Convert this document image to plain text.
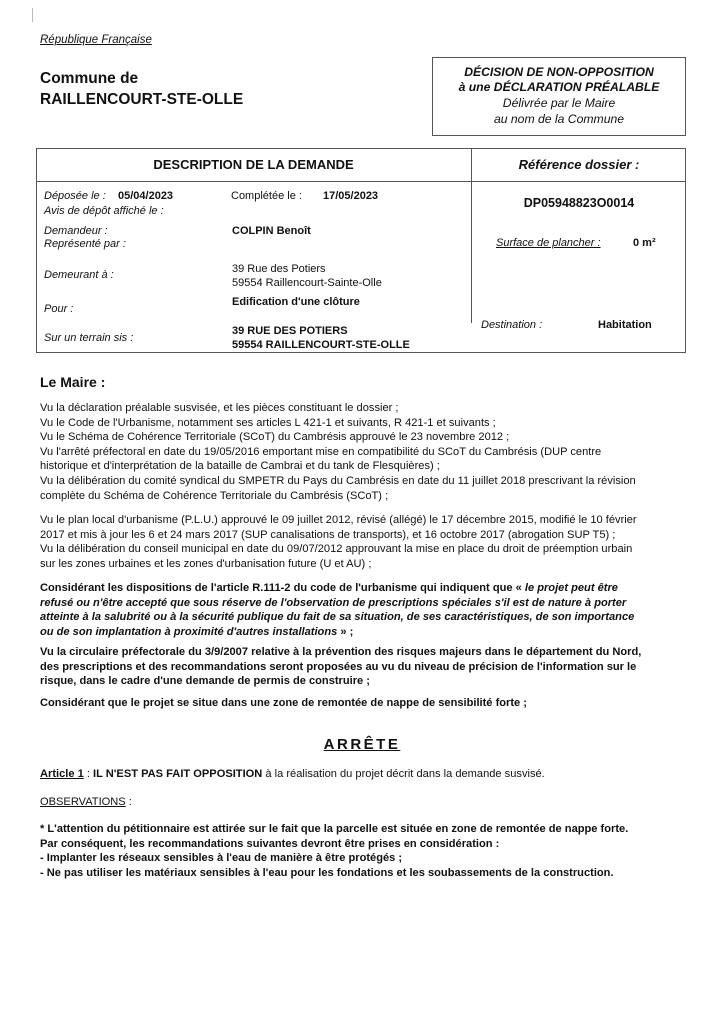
République Française
Commune de
RAILLENCOURT-STE-OLLE
DÉCISION DE NON-OPPOSITION
à une DÉCLARATION PRÉALABLE
Délivrée par le Maire
au nom de la Commune
DESCRIPTION DE LA DEMANDE	Référence dossier :
DP05948823O0014
Déposée le : 05/04/2023	Complétée le : 17/05/2023
Avis de dépôt affiché le :
Demandeur :	COLPIN Benoît
Représenté par :	Surface de plancher :	0 m²
Demeurant à :	39 Rue des Potiers
59554 Raillencourt-Sainte-Olle
Pour :
Edification d'une clôture
Destination :	Habitation
Sur un terrain sis :
39 RUE DES POTIERS
59554 RAILLENCOURT-STE-OLLE
Le Maire :
Vu la déclaration préalable susvisée, et les pièces constituant le dossier ;
Vu le Code de l'Urbanisme, notamment ses articles L 421-1 et suivants, R 421-1 et suivants ;
Vu le Schéma de Cohérence Territoriale (SCoT) du Cambrésis approuvé le 23 novembre 2012 ;
Vu l'arrêté préfectoral en date du 19/05/2016 emportant mise en compatibilité du SCoT du Cambrésis (DUP centre
historique et d'interprétation de la bataille de Cambrai et du tank de Flesquières) ;
Vu la délibération du comité syndical du SMPETR du Pays du Cambrésis en date du 11 juillet 2018 prescrivant la révision
complète du Schéma de Cohérence Territoriale du Cambrésis (SCoT) ;
Vu le plan local d'urbanisme (P.L.U.) approuvé le 09 juillet 2012, révisé (allégé) le 17 décembre 2015, modifié le 10 février
2017 et mis à jour les 6 et 24 mars 2017 (SUP canalisations de transports), et 16 octobre 2017 (abrogation SUP T5) ;
Vu la délibération du conseil municipal en date du 09/07/2012 approuvant la mise en place du droit de préemption urbain
sur les zones urbaines et les zones d'urbanisation future (U et AU) ;
Considérant les dispositions de l'article R.111-2 du code de l'urbanisme qui indiquent que « le projet peut être
refusé ou n'être accepté que sous réserve de l'observation de prescriptions spéciales s'il est de nature à porter
atteinte à la salubrité ou à la sécurité publique du fait de sa situation, de ses caractéristiques, de son importance
ou de son implantation à proximité d'autres installations » ;
Vu la circulaire préfectorale du 3/9/2007 relative à la prévention des risques majeurs dans le département du Nord,
des prescriptions et des recommandations seront proposées au vu du niveau de précision de l'information sur le
risque, dans le cadre d'une demande de permis de construire ;
Considérant que le projet se situe dans une zone de remontée de nappe de sensibilité forte ;
ARRÊTE
Article 1 : IL N'EST PAS FAIT OPPOSITION à la réalisation du projet décrit dans la demande susvisé.
OBSERVATIONS :
* L'attention du pétitionnaire est attirée sur le fait que la parcelle est située en zone de remontée de nappe forte.
Par conséquent, les recommandations suivantes devront être prises en considération :
- Implanter les réseaux sensibles à l'eau de manière à être protégés ;
- Ne pas utiliser les matériaux sensibles à l'eau pour les fondations et les soubassements de la construction.
